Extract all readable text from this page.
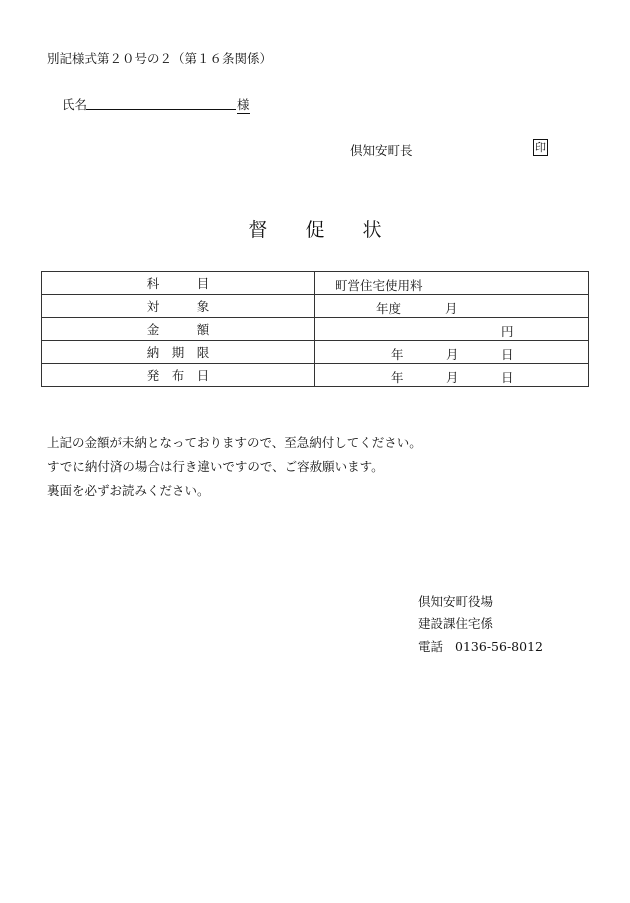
別記様式第２０号の２（第１６条関係）
氏名	様
倶知安町長	印
督 促 状
科　　　目	町営住宅使用料

対　　　象	年度 月

金　　　額	円

納　期　限	年 月 日

発　布　日	年 月 日
上記の金額が未納となっておりますので、至急納付してください。
すでに納付済の場合は行き違いですので、ご容赦願います。
裏面を必ずお読みください。
倶知安町役場
建設課住宅係
電話 0136-56-8012
